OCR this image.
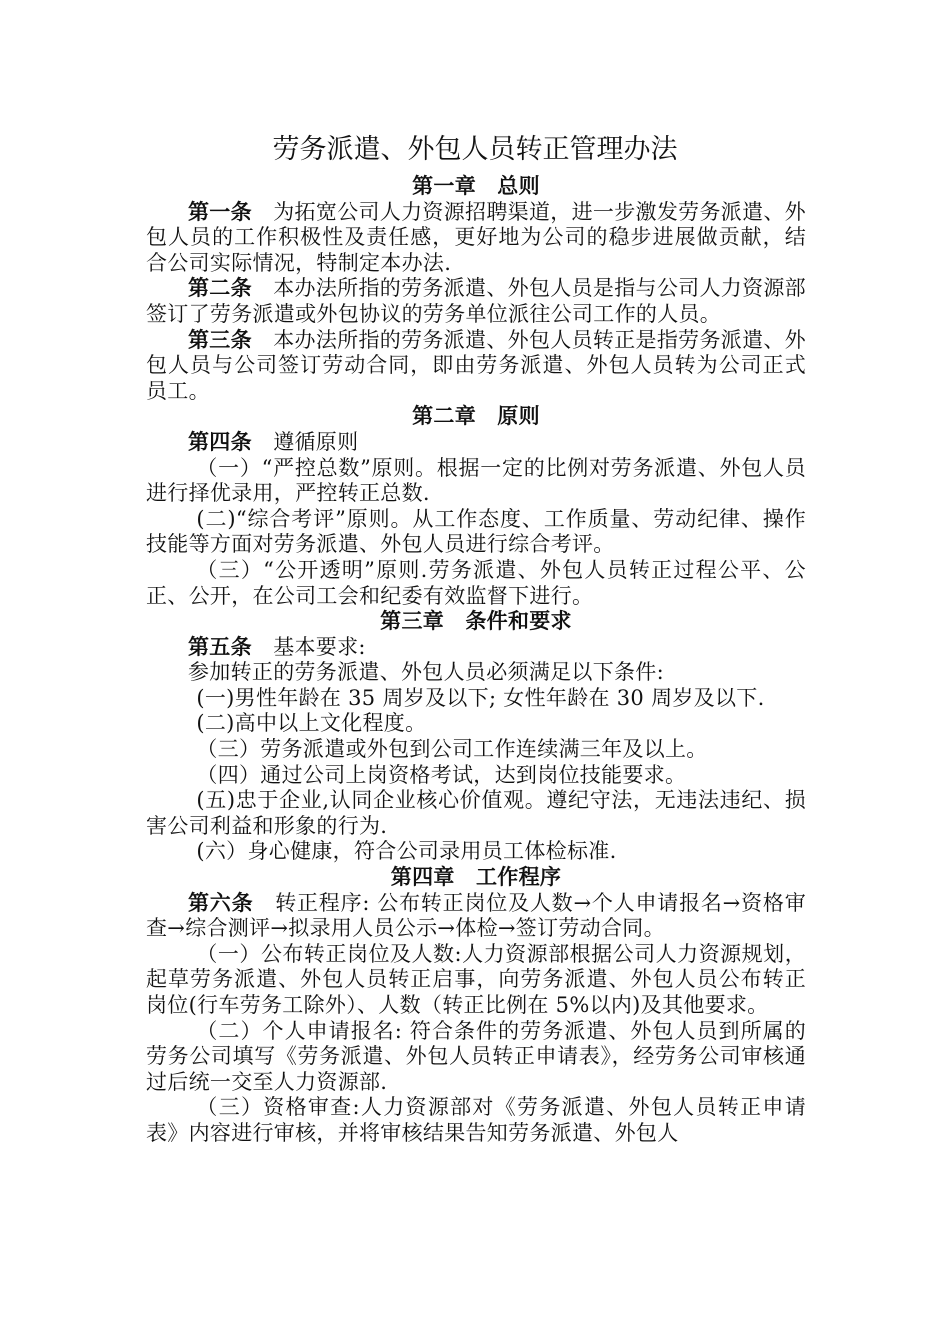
劳务派遣、外包人员转正管理办法
第一章　总则
第一条　为拓宽公司人力资源招聘渠道，进一步激发劳务派遣、外包人员的工作积极性及责任感，更好地为公司的稳步进展做贡献，结合公司实际情况，特制定本办法.
第二条　本办法所指的劳务派遣、外包人员是指与公司人力资源部签订了劳务派遣或外包协议的劳务单位派往公司工作的人员。
第三条　本办法所指的劳务派遣、外包人员转正是指劳务派遣、外包人员与公司签订劳动合同，即由劳务派遣、外包人员转为公司正式员工。
第二章　原则
第四条　遵循原则
（一）“严控总数”原则。根据一定的比例对劳务派遣、外包人员进行择优录用，严控转正总数.
(二)“综合考评”原则。从工作态度、工作质量、劳动纪律、操作技能等方面对劳务派遣、外包人员进行综合考评。
（三）“公开透明”原则.劳务派遣、外包人员转正过程公平、公正、公开，在公司工会和纪委有效监督下进行。
第三章　条件和要求
第五条　基本要求:
参加转正的劳务派遣、外包人员必须满足以下条件:
(一)男性年龄在 35 周岁及以下; 女性年龄在 30 周岁及以下.
(二)高中以上文化程度。
（三）劳务派遣或外包到公司工作连续满三年及以上。
（四）通过公司上岗资格考试，达到岗位技能要求。
(五)忠于企业,认同企业核心价值观。遵纪守法，无违法违纪、损害公司利益和形象的行为.
(六）身心健康，符合公司录用员工体检标准.
第四章　工作程序
第六条　转正程序: 公布转正岗位及人数→个人申请报名→资格审查→综合测评→拟录用人员公示→体检→签订劳动合同。
（一）公布转正岗位及人数:人力资源部根据公司人力资源规划，起草劳务派遣、外包人员转正启事，向劳务派遣、外包人员公布转正岗位(行车劳务工除外）、人数（转正比例在 5%以内)及其他要求。
（二）个人申请报名: 符合条件的劳务派遣、外包人员到所属的劳务公司填写《劳务派遣、外包人员转正申请表》，经劳务公司审核通过后统一交至人力资源部.
（三）资格审查:人力资源部对《劳务派遣、外包人员转正申请表》内容进行审核，并将审核结果告知劳务派遣、外包人
